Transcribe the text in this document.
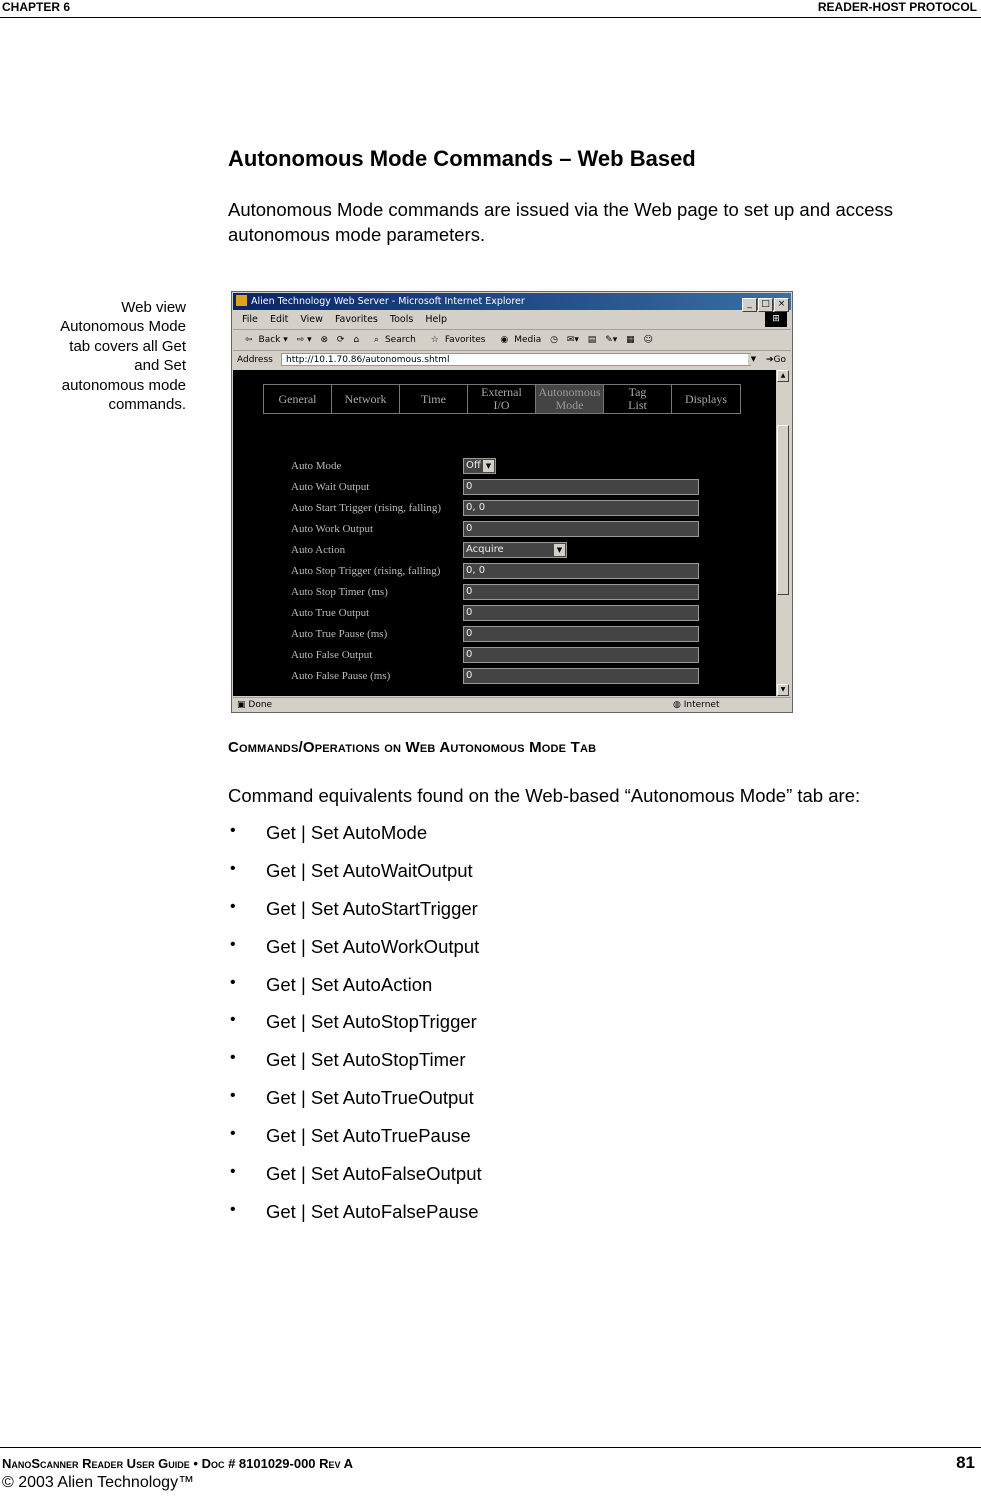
CHAPTER 6	READER-HOST PROTOCOL
Autonomous Mode Commands – Web Based
Autonomous Mode commands are issued via the Web page to set up and access autonomous mode parameters.
Web view
Autonomous Mode
tab covers all Get
and Set
autonomous mode
commands.
Alien Technology Web Server - Microsoft Internet Explorer	_ □ ×
File Edit View Favorites Tools Help	⊞
⇦ Back ▾ ⇨ ▾ ⊗ ⟳ ⌂ ⌕ Search ☆ Favorites ◉ Media ◷ ✉▾ ▤ ✎▾ ▦ ☺
Address	http://10.1.70.86/autonomous.shtml	▼	➔Go
General Network	Time	External
I/O
Autonomous
Mode
Tag
List	Displays
Auto Mode	Off ▼
Auto Wait Output	0
Auto Start Trigger (rising, falling)	0, 0
Auto Work Output	0
Auto Action	Acquire	▼
Auto Stop Trigger (rising, falling)	0, 0
Auto Stop Timer (ms)	0
Auto True Output	0
Auto True Pause (ms)	0
Auto False Output	0
Auto False Pause (ms)	0
▲
▼
▣ Done	◍ Internet
Commands/Operations on Web Autonomous Mode Tab
Command equivalents found on the Web-based “Autonomous Mode” tab are:
• Get | Set AutoMode
• Get | Set AutoWaitOutput
• Get | Set AutoStartTrigger
• Get | Set AutoWorkOutput
• Get | Set AutoAction
• Get | Set AutoStopTrigger
• Get | Set AutoStopTimer
• Get | Set AutoTrueOutput
• Get | Set AutoTruePause
• Get | Set AutoFalseOutput
• Get | Set AutoFalsePause
NanoScanner Reader User Guide • Doc # 8101029-000 Rev A	81
© 2003 Alien Technology™
